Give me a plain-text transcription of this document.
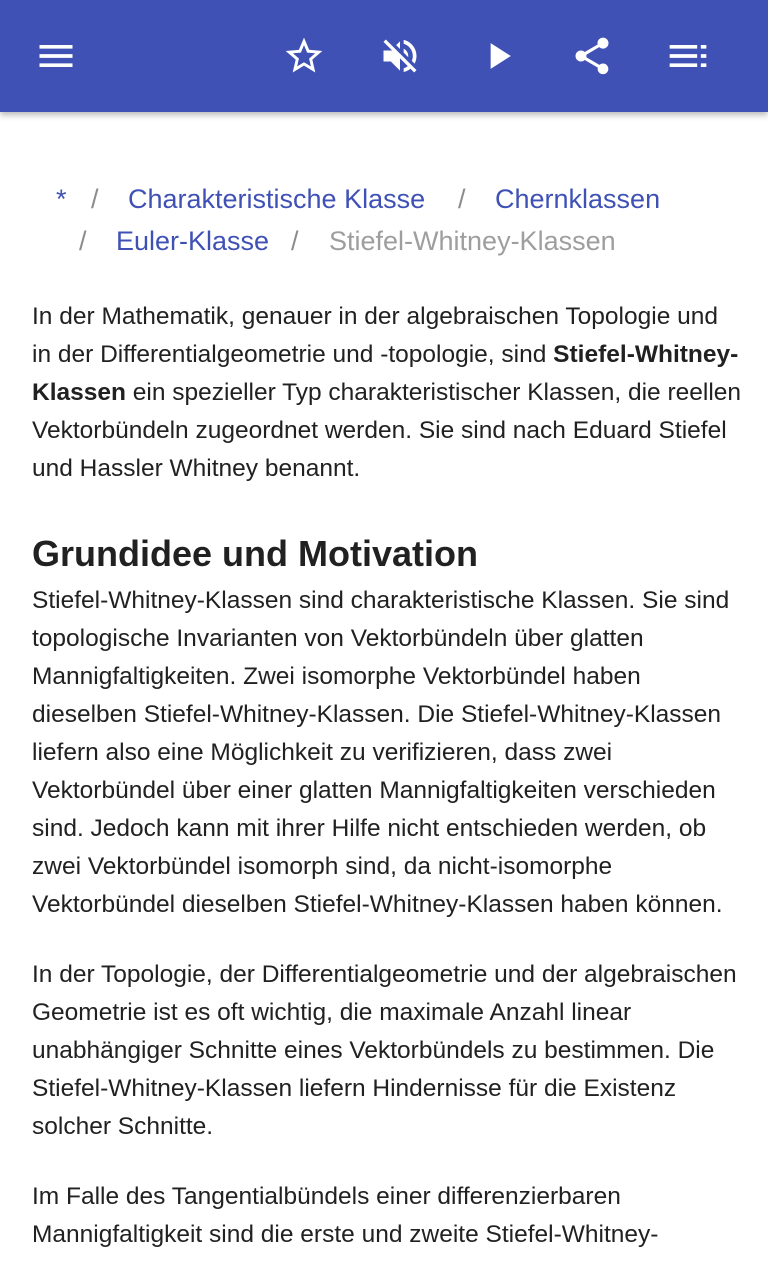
* / Charakteristische Klasse / Chernklassen
/ Euler-Klasse / Stiefel-Whitney-Klassen

In der Mathematik, genauer in der algebraischen Topologie und in der Differentialgeometrie und -topologie, sind Stiefel-Whitney-Klassen ein spezieller Typ charakteristischer Klassen, die reellen Vektorbündeln zugeordnet werden. Sie sind nach Eduard Stiefel und Hassler Whitney benannt.

Grundidee und Motivation

Stiefel-Whitney-Klassen sind charakteristische Klassen. Sie sind topologische Invarianten von Vektorbündeln über glatten Mannigfaltigkeiten. Zwei isomorphe Vektorbündel haben dieselben Stiefel-Whitney-Klassen. Die Stiefel-Whitney-Klassen liefern also eine Möglichkeit zu verifizieren, dass zwei Vektorbündel über einer glatten Mannigfaltigkeiten verschieden sind. Jedoch kann mit ihrer Hilfe nicht entschieden werden, ob zwei Vektorbündel isomorph sind, da nicht-isomorphe Vektorbündel dieselben Stiefel-Whitney-Klassen haben können.

In der Topologie, der Differentialgeometrie und der algebraischen Geometrie ist es oft wichtig, die maximale Anzahl linear unabhängiger Schnitte eines Vektorbündels zu bestimmen. Die Stiefel-Whitney-Klassen liefern Hindernisse für die Existenz solcher Schnitte.

Im Falle des Tangentialbündels einer differenzierbaren Mannigfaltigkeit sind die erste und zweite Stiefel-Whitney-
